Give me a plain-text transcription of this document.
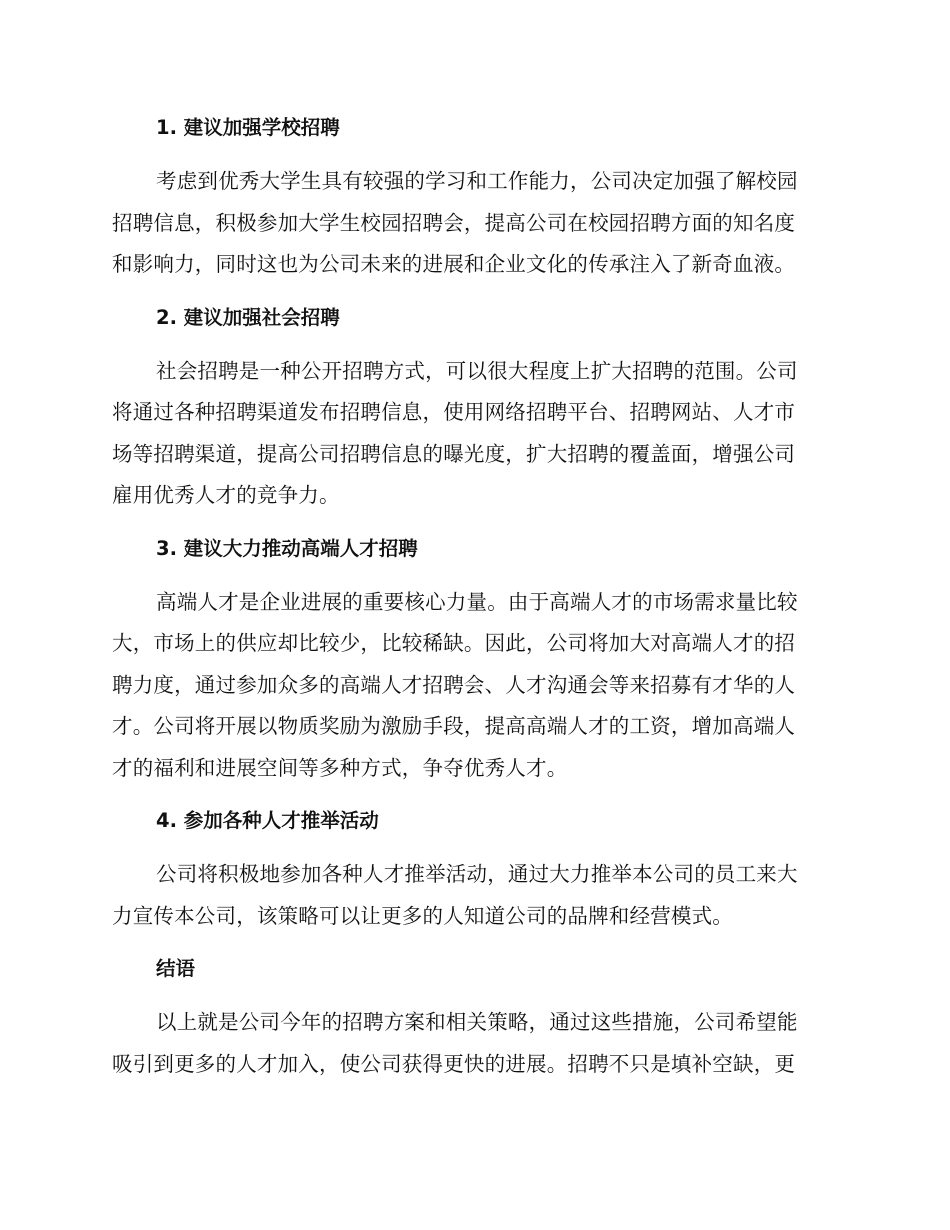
1. 建议加强学校招聘

考虑到优秀大学生具有较强的学习和工作能力，公司决定加强了解校园
招聘信息，积极参加大学生校园招聘会，提高公司在校园招聘方面的知名度
和影响力，同时这也为公司未来的进展和企业文化的传承注入了新奇血液。

2. 建议加强社会招聘

社会招聘是一种公开招聘方式，可以很大程度上扩大招聘的范围。公司
将通过各种招聘渠道发布招聘信息，使用网络招聘平台、招聘网站、人才市
场等招聘渠道，提高公司招聘信息的曝光度，扩大招聘的覆盖面，增强公司
雇用优秀人才的竞争力。

3. 建议大力推动高端人才招聘

高端人才是企业进展的重要核心力量。由于高端人才的市场需求量比较
大，市场上的供应却比较少，比较稀缺。因此，公司将加大对高端人才的招
聘力度，通过参加众多的高端人才招聘会、人才沟通会等来招募有才华的人
才。公司将开展以物质奖励为激励手段，提高高端人才的工资，增加高端人
才的福利和进展空间等多种方式，争夺优秀人才。

4. 参加各种人才推举活动

公司将积极地参加各种人才推举活动，通过大力推举本公司的员工来大
力宣传本公司，该策略可以让更多的人知道公司的品牌和经营模式。

结语

以上就是公司今年的招聘方案和相关策略，通过这些措施，公司希望能
吸引到更多的人才加入，使公司获得更快的进展。招聘不只是填补空缺，更
